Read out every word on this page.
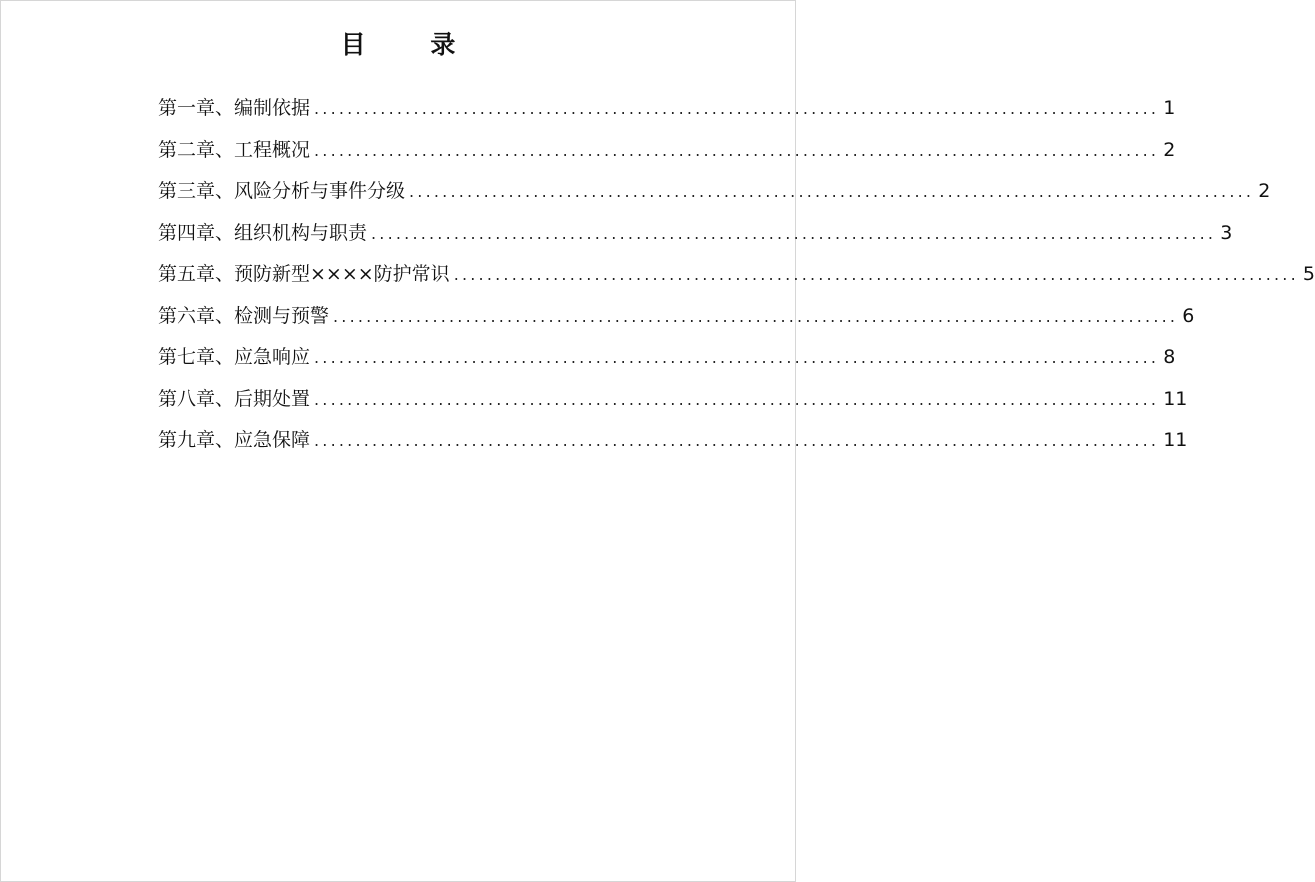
目 录
第一章、编制依据 ...................................................................................................... 1
第二章、工程概况 ...................................................................................................... 2
第三章、风险分析与事件分级 ...................................................................................................... 2
第四章、组织机构与职责 ...................................................................................................... 3
第五章、预防新型××××防护常识 ...................................................................................................... 5
第六章、检测与预警 ...................................................................................................... 6
第七章、应急响应 ...................................................................................................... 8
第八章、后期处置 ...................................................................................................... 11
第九章、应急保障 ...................................................................................................... 11
